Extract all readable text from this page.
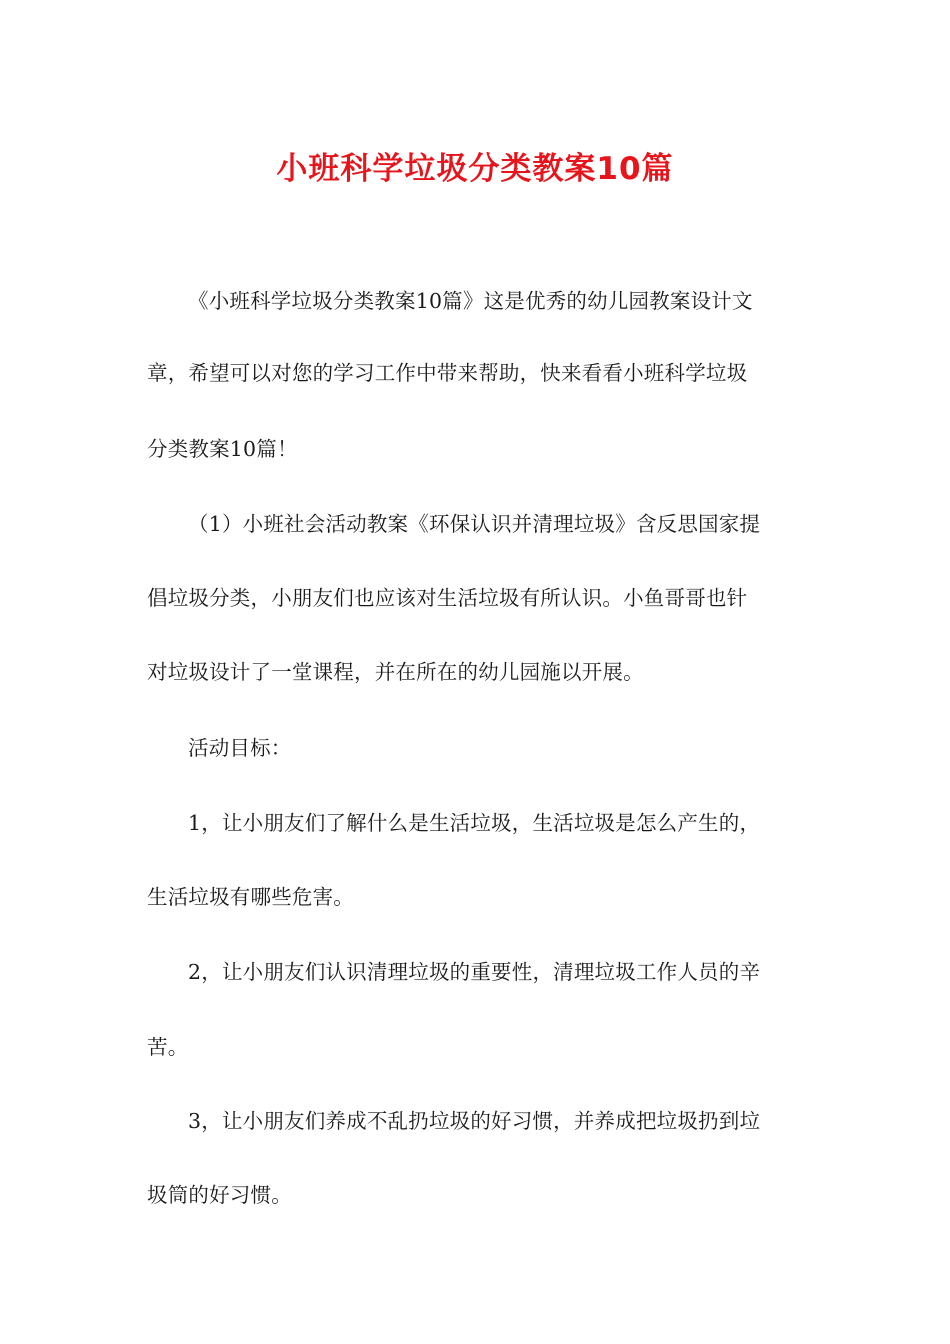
小班科学垃圾分类教案10篇
《小班科学垃圾分类教案10篇》这是优秀的幼儿园教案设计文
章，希望可以对您的学习工作中带来帮助，快来看看小班科学垃圾
分类教案10篇！
（1）小班社会活动教案《环保认识并清理垃圾》含反思国家提
倡垃圾分类，小朋友们也应该对生活垃圾有所认识。小鱼哥哥也针
对垃圾设计了一堂课程，并在所在的幼儿园施以开展。
活动目标：
1，让小朋友们了解什么是生活垃圾，生活垃圾是怎么产生的，
生活垃圾有哪些危害。
2，让小朋友们认识清理垃圾的重要性，清理垃圾工作人员的辛
苦。
3，让小朋友们养成不乱扔垃圾的好习惯，并养成把垃圾扔到垃
圾筒的好习惯。
